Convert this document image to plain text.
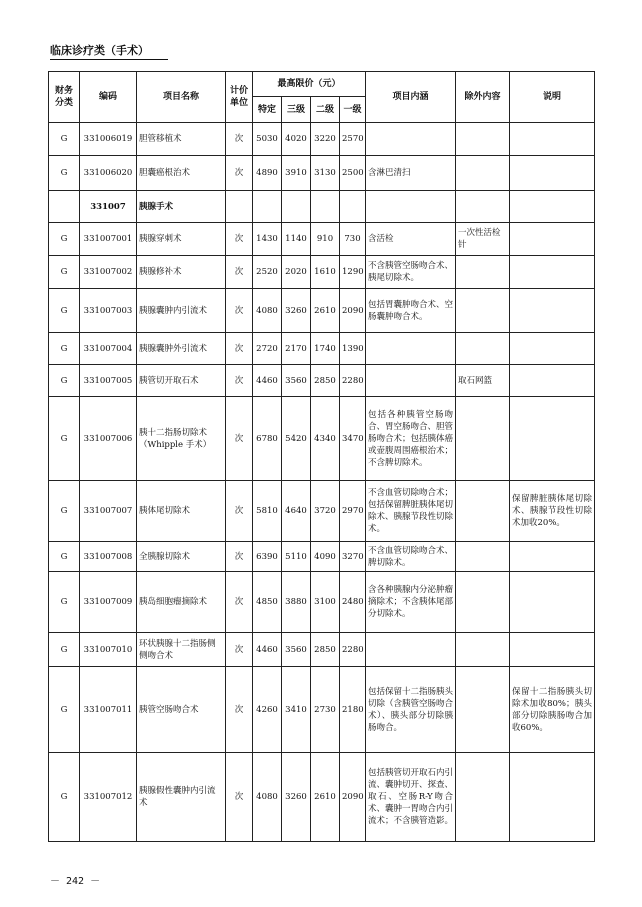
临床诊疗类（手术）
财务分类	编码	项目名称	计价单位	最高限价（元）				项目内涵	除外内容	说明
				特定	三级	二级	一级			
G	331006019	胆管移植术	次	5030	4020	3220	2570			
G	331006020	胆囊癌根治术	次	4890	3910	3130	2500	含淋巴清扫		
	331007	胰腺手术								
G	331007001	胰腺穿刺术	次	1430	1140	910	730	含活检	一次性活检针	
G	331007002	胰腺修补术	次	2520	2020	1610	1290	不含胰管空肠吻合术、胰尾切除术。		
G	331007003	胰腺囊肿内引流术	次	4080	3260	2610	2090	包括胃囊肿吻合术、空肠囊肿吻合术。		
G	331007004	胰腺囊肿外引流术	次	2720	2170	1740	1390			
G	331007005	胰管切开取石术	次	4460	3560	2850	2280		取石网篮	
G	331007006	胰十二指肠切除术（Whipple 手术）	次	6780	5420	4340	3470	包括各种胰管空肠吻合、胃空肠吻合、胆管肠吻合术；包括胰体癌或壶腹周围癌根治术；不含脾切除术。		
G	331007007	胰体尾切除术	次	5810	4640	3720	2970	不含血管切除吻合术；包括保留脾脏胰体尾切除术、胰腺节段性切除术。		保留脾脏胰体尾切除术、胰腺节段性切除术加收20%。
G	331007008	全胰腺切除术	次	6390	5110	4090	3270	不含血管切除吻合术、脾切除术。		
G	331007009	胰岛细胞瘤摘除术	次	4850	3880	3100	2480	含各种胰腺内分泌肿瘤摘除术；不含胰体尾部分切除术。		
G	331007010	环状胰腺十二指肠侧侧吻合术	次	4460	3560	2850	2280			
G	331007011	胰管空肠吻合术	次	4260	3410	2730	2180	包括保留十二指肠胰头切除（含胰管空肠吻合术）、胰头部分切除胰肠吻合。		保留十二指肠胰头切除术加收80%；胰头部分切除胰肠吻合加收60%。
G	331007012	胰腺假性囊肿内引流术	次	4080	3260	2610	2090	包括胰管切开取石内引流、囊肿切开、探查、取石、空肠R-Y吻合术、囊肿一胃吻合内引流术；不含胰管造影。		
－ 242 －
